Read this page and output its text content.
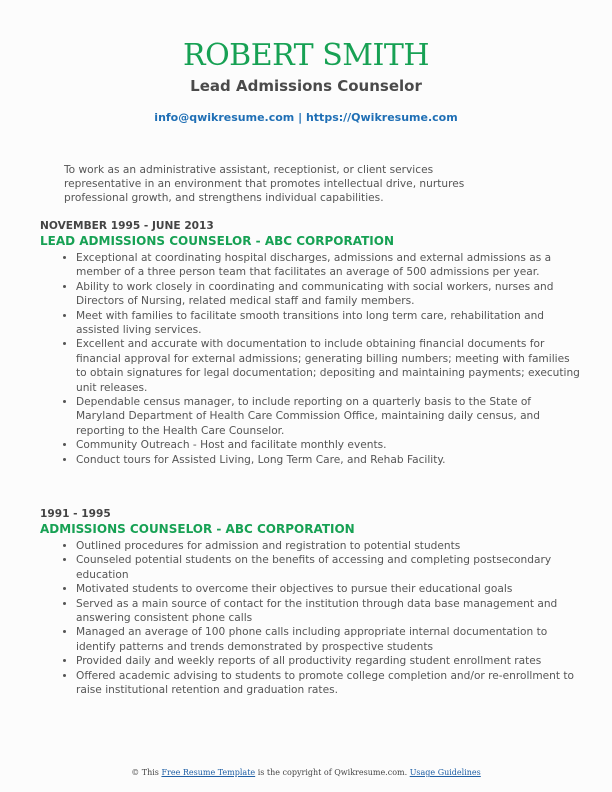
ROBERT SMITH
Lead Admissions Counselor
info@qwikresume.com | https://Qwikresume.com
To work as an administrative assistant, receptionist, or client services representative in an environment that promotes intellectual drive, nurtures professional growth, and strengthens individual capabilities.
NOVEMBER 1995 - JUNE 2013
LEAD ADMISSIONS COUNSELOR - ABC CORPORATION
• Exceptional at coordinating hospital discharges, admissions and external admissions as a member of a three person team that facilitates an average of 500 admissions per year.
• Ability to work closely in coordinating and communicating with social workers, nurses and Directors of Nursing, related medical staff and family members.
• Meet with families to facilitate smooth transitions into long term care, rehabilitation and assisted living services.
• Excellent and accurate with documentation to include obtaining financial documents for financial approval for external admissions; generating billing numbers; meeting with families to obtain signatures for legal documentation; depositing and maintaining payments; executing unit releases.
• Dependable census manager, to include reporting on a quarterly basis to the State of Maryland Department of Health Care Commission Office, maintaining daily census, and reporting to the Health Care Counselor.
• Community Outreach - Host and facilitate monthly events.
• Conduct tours for Assisted Living, Long Term Care, and Rehab Facility.
1991 - 1995
ADMISSIONS COUNSELOR - ABC CORPORATION
• Outlined procedures for admission and registration to potential students
• Counseled potential students on the benefits of accessing and completing postsecondary education
• Motivated students to overcome their objectives to pursue their educational goals
• Served as a main source of contact for the institution through data base management and answering consistent phone calls
• Managed an average of 100 phone calls including appropriate internal documentation to identify patterns and trends demonstrated by prospective students
• Provided daily and weekly reports of all productivity regarding student enrollment rates
• Offered academic advising to students to promote college completion and/or re-enrollment to raise institutional retention and graduation rates.
© This Free Resume Template is the copyright of Qwikresume.com. Usage Guidelines
